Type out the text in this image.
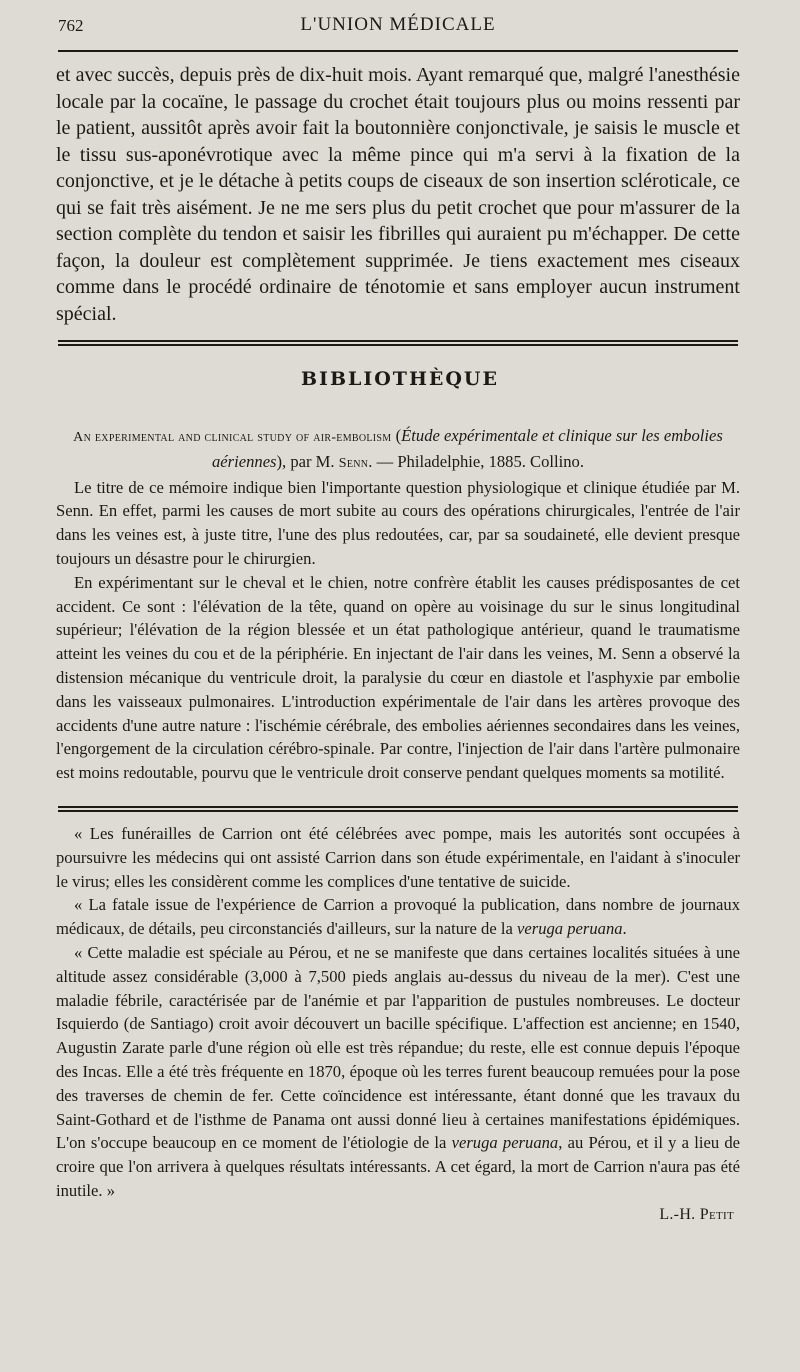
762	L'UNION MÉDICALE

et avec succès, depuis près de dix-huit mois. Ayant remarqué que, malgré l'anesthésie locale par la cocaïne, le passage du crochet était toujours plus ou moins ressenti par le patient, aussitôt après avoir fait la boutonnière conjonctivale, je saisis le muscle et le tissu sus-aponévrotique avec la même pince qui m'a servi à la fixation de la conjonctive, et je le détache à petits coups de ciseaux de son insertion scléroticale, ce qui se fait très aisément. Je ne me sers plus du petit crochet que pour m'assurer de la section complète du tendon et saisir les fibrilles qui auraient pu m'échapper. De cette façon, la douleur est complètement supprimée. Je tiens exactement mes ciseaux comme dans le procédé ordinaire de ténotomie et sans employer aucun instrument spécial.

BIBLIOTHÈQUE

An experimental and clinical study of air-embolism (Étude expérimentale et clinique sur les embolies aériennes), par M. Senn. — Philadelphie, 1885. Collino.

Le titre de ce mémoire indique bien l'importante question physiologique et clinique étudiée par M. Senn. En effet, parmi les causes de mort subite au cours des opérations chirurgicales, l'entrée de l'air dans les veines est, à juste titre, l'une des plus redoutées, car, par sa soudaineté, elle devient presque toujours un désastre pour le chirurgien.

En expérimentant sur le cheval et le chien, notre confrère établit les causes prédisposantes de cet accident. Ce sont : l'élévation de la tête, quand on opère au voisinage du sur le sinus longitudinal supérieur; l'élévation de la région blessée et un état pathologique antérieur, quand le traumatisme atteint les veines du cou et de la périphérie. En injectant de l'air dans les veines, M. Senn a observé la distension mécanique du ventricule droit, la paralysie du cœur en diastole et l'asphyxie par embolie dans les vaisseaux pulmonaires. L'introduction expérimentale de l'air dans les artères provoque des accidents d'une autre nature : l'ischémie cérébrale, des embolies aériennes secondaires dans les veines, l'engorgement de la circulation cérébro-spinale. Par contre, l'injection de l'air dans l'artère pulmonaire est moins redoutable, pourvu que le ventricule droit conserve pendant quelques moments sa motilité.

« Les funérailles de Carrion ont été célébrées avec pompe, mais les autorités sont occupées à poursuivre les médecins qui ont assisté Carrion dans son étude expérimentale, en l'aidant à s'inoculer le virus; elles les considèrent comme les complices d'une tentative de suicide.

« La fatale issue de l'expérience de Carrion a provoqué la publication, dans nombre de journaux médicaux, de détails, peu circonstanciés d'ailleurs, sur la nature de la veruga peruana.

« Cette maladie est spéciale au Pérou, et ne se manifeste que dans certaines localités situées à une altitude assez considérable (3,000 à 7,500 pieds anglais au-dessus du niveau de la mer). C'est une maladie fébrile, caractérisée par de l'anémie et par l'apparition de pustules nombreuses. Le docteur Isquierdo (de Santiago) croit avoir découvert un bacille spécifique. L'affection est ancienne; en 1540, Augustin Zarate parle d'une région où elle est très répandue; du reste, elle est connue depuis l'époque des Incas. Elle a été très fréquente en 1870, époque où les terres furent beaucoup remuées pour la pose des traverses de chemin de fer. Cette coïncidence est intéressante, étant donné que les travaux du Saint-Gothard et de l'isthme de Panama ont aussi donné lieu à certaines manifestations épidémiques. L'on s'occupe beaucoup en ce moment de l'étiologie de la veruga peruana, au Pérou, et il y a lieu de croire que l'on arrivera à quelques résultats intéressants. A cet égard, la mort de Carrion n'aura pas été inutile. »

L.-H. Petit
